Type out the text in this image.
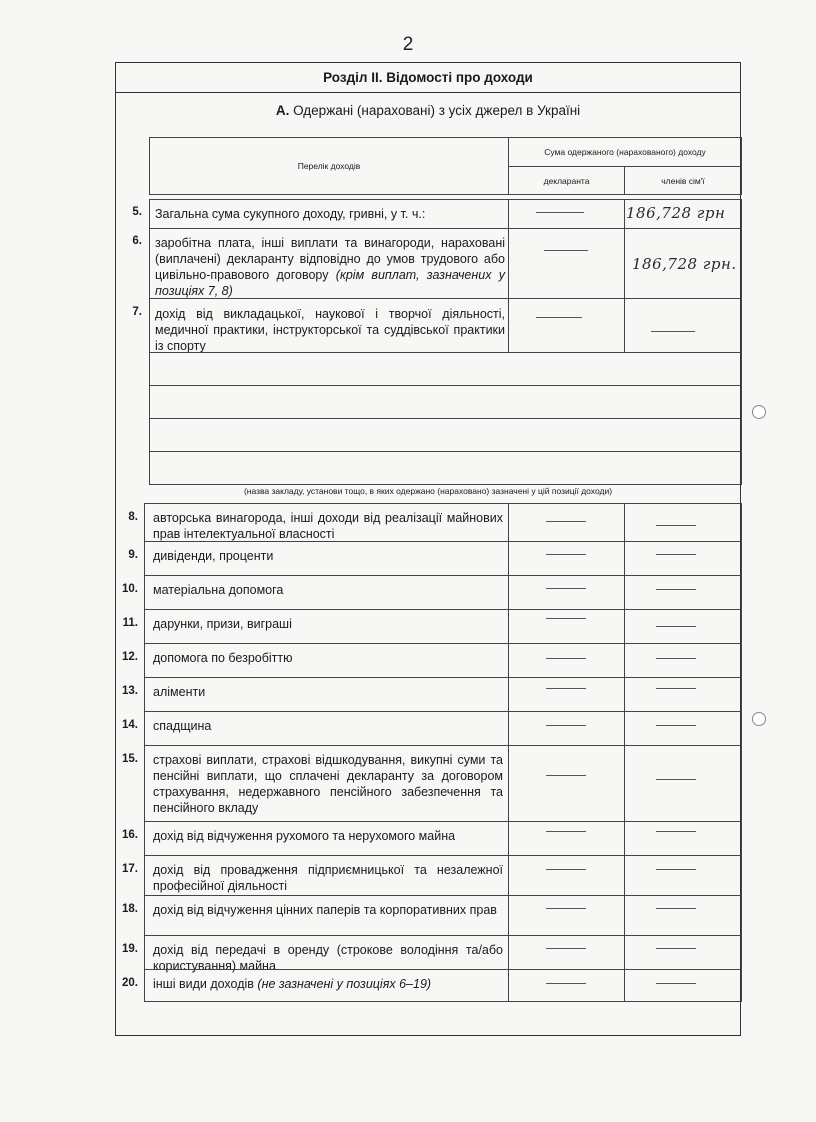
2
Розділ ІІ. Відомості про доходи
А. Одержані (нараховані) з усіх джерел в Україні
Перелік доходів
Сума одержаного (нарахованого) доходу
декларанта	членів сім'ї
5. Загальна сума сукупного доходу, гривні, у т. ч.:	186,728 грн
6. заробітна плата, інші виплати та винагороди, нараховані (виплачені) декларанту відповідно до умов трудового або цивільно-правового договору (крім виплат, зазначених у позиціях 7, 8)
186,728 грн.
7. дохід від викладацької, наукової і творчої діяльності, медичної практики, інструкторської та суддівської практики із спорту
(назва закладу, установи тощо, в яких одержано (нараховано) зазначені у цій позиції доходи)
8. авторська винагорода, інші доходи від реалізації майнових прав інтелектуальної власності
9. дивіденди, проценти
10. матеріальна допомога
11. дарунки, призи, виграші
12. допомога по безробіттю
13. аліменти
14. спадщина
15. страхові виплати, страхові відшкодування, викупні суми та пенсійні виплати, що сплачені декларанту за договором страхування, недержавного пенсійного забезпечення та пенсійного вкладу
16. дохід від відчуження рухомого та нерухомого майна
17. дохід від провадження підприємницької та незалежної професійної діяльності
18. дохід від відчуження цінних паперів та корпоративних прав
19. дохід від передачі в оренду (строкове володіння та/або користування) майна
20. інші види доходів (не зазначені у позиціях 6–19)
